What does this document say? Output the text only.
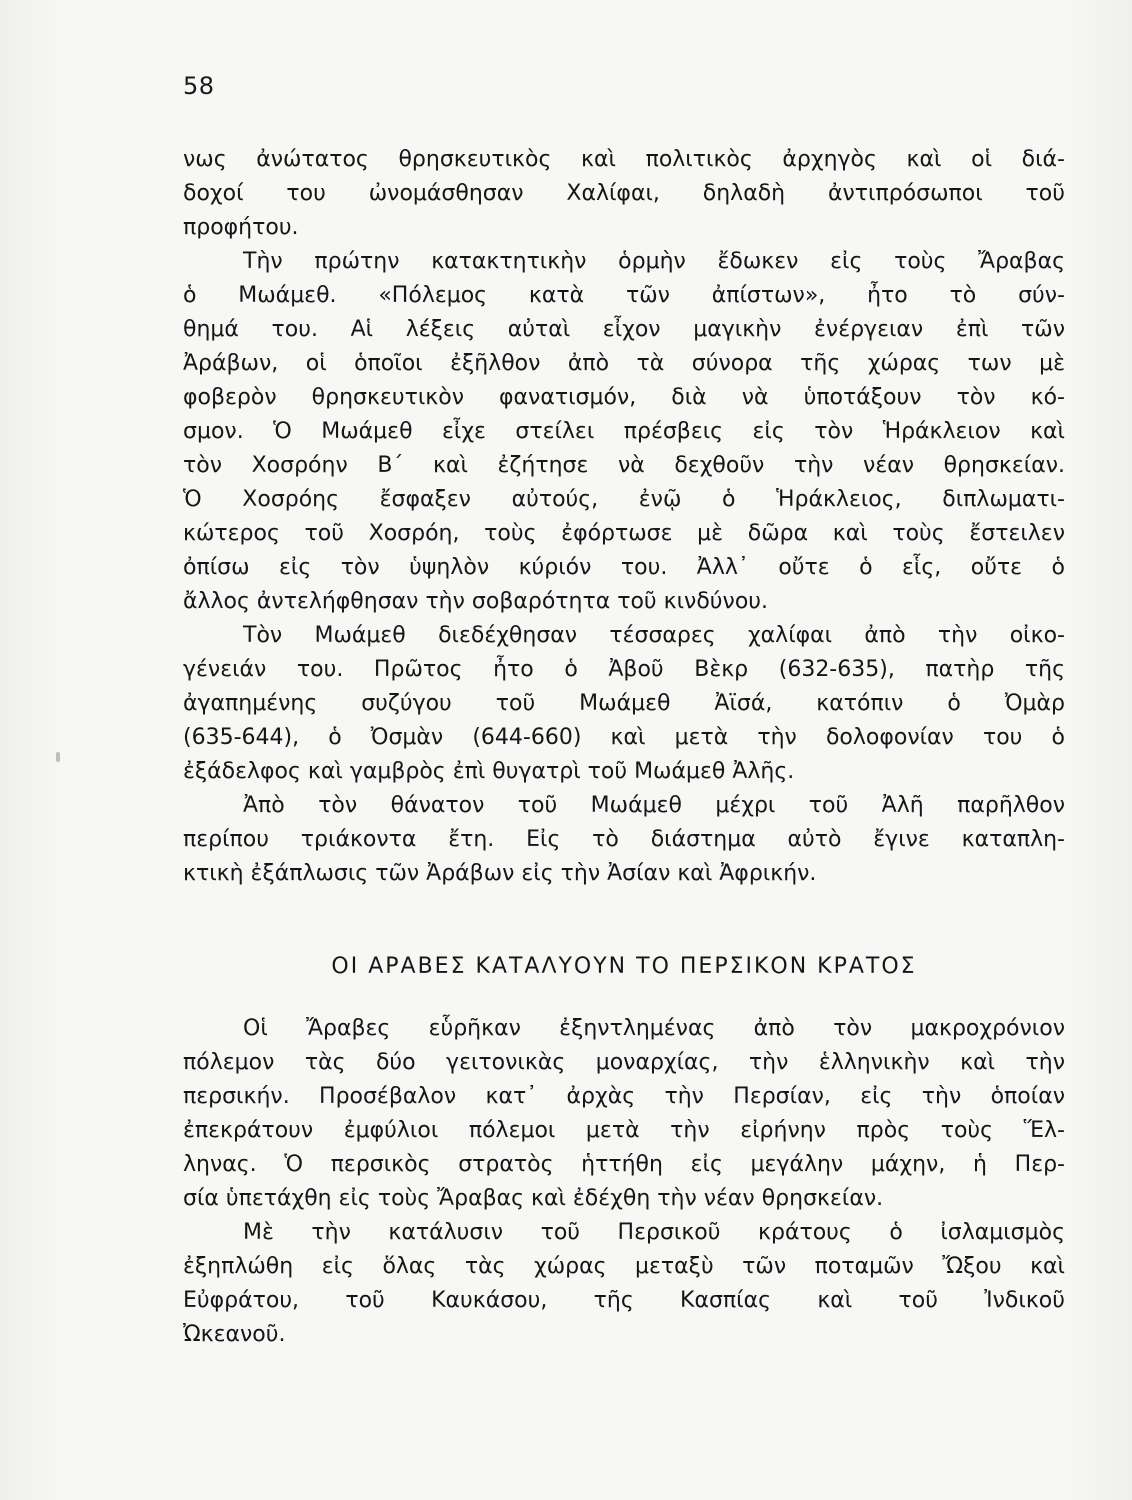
58
νως ἀνώτατος θρησκευτικὸς καὶ πολιτικὸς ἀρχηγὸς καὶ οἱ διά-
δοχοί του ὠνομάσθησαν Χαλίφαι, δηλαδὴ ἀντιπρόσωποι τοῦ
προφήτου.
Τὴν πρώτην κατακτητικὴν ὁρμὴν ἔδωκεν εἰς τοὺς Ἄραβας
ὁ Μωάμεθ. «Πόλεμος κατὰ τῶν ἀπίστων», ἦτο τὸ σύν-
θημά του. Αἱ λέξεις αὐταὶ εἶχον μαγικὴν ἐνέργειαν ἐπὶ τῶν
Ἀράβων, οἱ ὁποῖοι ἐξῆλθον ἀπὸ τὰ σύνορα τῆς χώρας των μὲ
φοβερὸν θρησκευτικὸν φανατισμόν, διὰ νὰ ὑποτάξουν τὸν κό-
σμον. Ὁ Μωάμεθ εἶχε στείλει πρέσβεις εἰς τὸν Ἡράκλειον καὶ
τὸν Χοσρόην Β΄ καὶ ἐζήτησε νὰ δεχθοῦν τὴν νέαν θρησκείαν.
Ὁ Χοσρόης ἔσφαξεν αὐτούς, ἐνῷ ὁ Ἡράκλειος, διπλωματι-
κώτερος τοῦ Χοσρόη, τοὺς ἐφόρτωσε μὲ δῶρα καὶ τοὺς ἔστειλεν
ὀπίσω εἰς τὸν ὑψηλὸν κύριόν του. Ἀλλ᾽ οὔτε ὁ εἷς, οὔτε ὁ
ἄλλος ἀντελήφθησαν τὴν σοβαρότητα τοῦ κινδύνου.
Τὸν Μωάμεθ διεδέχθησαν τέσσαρες χαλίφαι ἀπὸ τὴν οἰκο-
γένειάν του. Πρῶτος ἦτο ὁ Ἀβοῦ Βὲκρ (632-635), πατὴρ τῆς
ἀγαπημένης συζύγου τοῦ Μωάμεθ Ἀϊσά, κατόπιν ὁ Ὀμὰρ
(635-644), ὁ Ὀσμὰν (644-660) καὶ μετὰ τὴν δολοφονίαν του ὁ
ἐξάδελφος καὶ γαμβρὸς ἐπὶ θυγατρὶ τοῦ Μωάμεθ Ἀλῆς.
Ἀπὸ τὸν θάνατον τοῦ Μωάμεθ μέχρι τοῦ Ἀλῆ παρῆλθον
περίπου τριάκοντα ἔτη. Εἰς τὸ διάστημα αὐτὸ ἔγινε καταπλη-
κτικὴ ἐξάπλωσις τῶν Ἀράβων εἰς τὴν Ἀσίαν καὶ Ἀφρικήν.
ΟΙ ΑΡΑΒΕΣ ΚΑΤΑΛΥΟΥΝ ΤΟ ΠΕΡΣΙΚΟΝ ΚΡΑΤΟΣ
Οἱ Ἄραβες εὗρῆκαν ἐξηντλημένας ἀπὸ τὸν μακροχρόνιον
πόλεμον τὰς δύο γειτονικὰς μοναρχίας, τὴν ἑλληνικὴν καὶ τὴν
περσικήν. Προσέβαλον κατ᾽ ἀρχὰς τὴν Περσίαν, εἰς τὴν ὁποίαν
ἐπεκράτουν ἐμφύλιοι πόλεμοι μετὰ τὴν εἰρήνην πρὸς τοὺς Ἕλ-
ληνας. Ὁ περσικὸς στρατὸς ἡττήθη εἰς μεγάλην μάχην, ἡ Περ-
σία ὑπετάχθη εἰς τοὺς Ἄραβας καὶ ἐδέχθη τὴν νέαν θρησκείαν.
Μὲ τὴν κατάλυσιν τοῦ Περσικοῦ κράτους ὁ ἰσλαμισμὸς
ἐξηπλώθη εἰς ὅλας τὰς χώρας μεταξὺ τῶν ποταμῶν Ὤξου καὶ
Εὐφράτου, τοῦ Καυκάσου, τῆς Κασπίας καὶ τοῦ Ἰνδικοῦ
Ὠκεανοῦ.
